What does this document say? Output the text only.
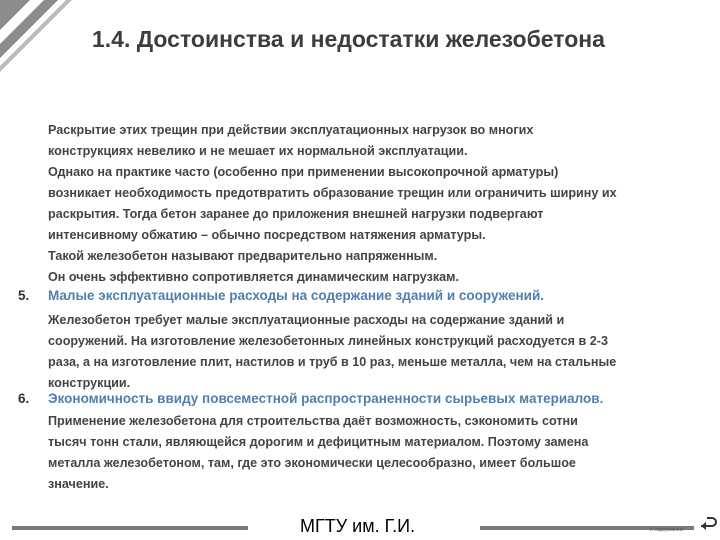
1.4. Достоинства и недостатки железобетона

Раскрытие этих трещин при действии эксплуатационных нагрузок во многих

конструкциях невелико и не мешает их нормальной эксплуатации.

Однако на практике часто (особенно при применении высокопрочной арматуры)

возникает необходимость предотвратить образование трещин или ограничить ширину их

раскрытия. Тогда бетон заранее до приложения внешней нагрузки подвергают

интенсивному обжатию – обычно посредством натяжения арматуры.

Такой железобетон называют предварительно напряженным.

Он очень эффективно сопротивляется динамическим нагрузкам.

5. Малые эксплуатационные расходы на содержание зданий и сооружений.

Железобетон требует малые эксплуатационные расходы на содержание зданий и

сооружений. На изготовление железобетонных линейных конструкций расходуется в 2-3

раза, а на изготовление плит, настилов и труб в 10 раз, меньше металла, чем на стальные

конструкции.

6. Экономичность ввиду повсеместной распространенности сырьевых материалов.

Применение железобетона для строительства даёт возможность, сэкономить сотни

тысяч тонн стали, являющейся дорогим и дефицитным материалом. Поэтому замена

металла железобетоном, там, где это экономически целесообразно, имеет большое

значение.

МГТУ им. Г.И.	К содержанию
